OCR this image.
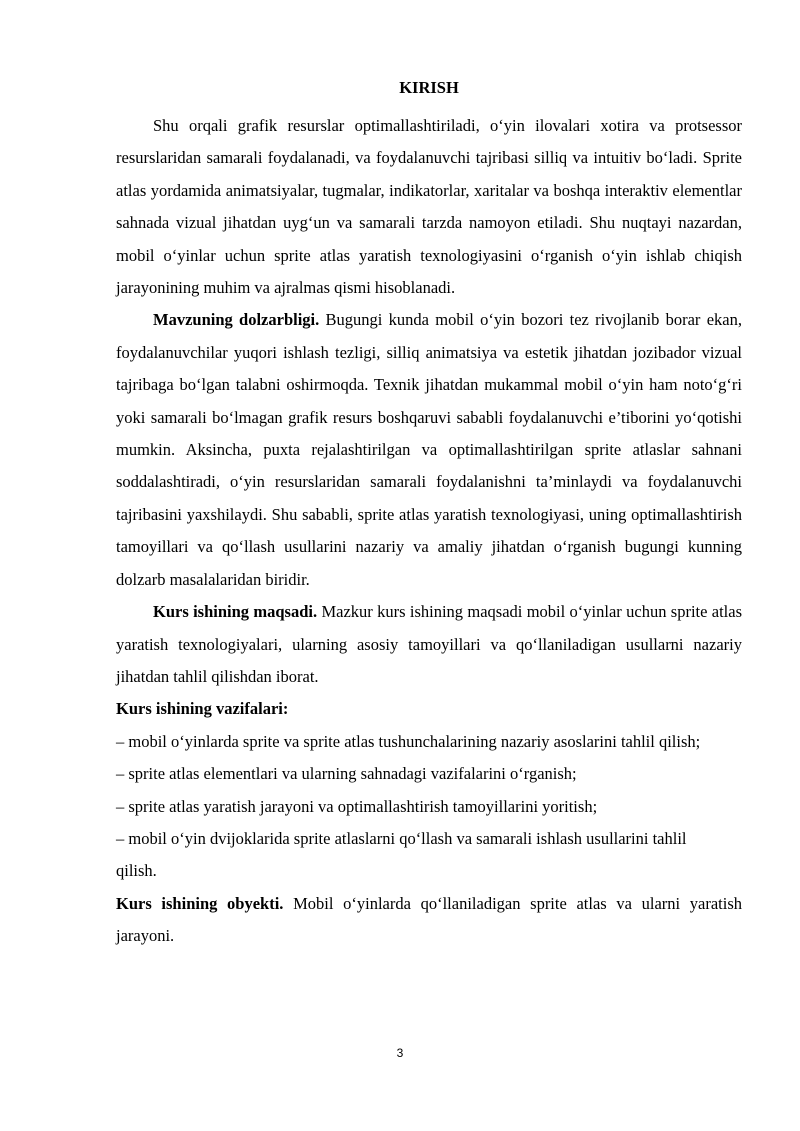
KIRISH

Shu orqali grafik resurslar optimallashtiriladi, o‘yin ilovalari xotira va protsessor resurslaridan samarali foydalanadi, va foydalanuvchi tajribasi silliq va intuitiv bo‘ladi. Sprite atlas yordamida animatsiyalar, tugmalar, indikatorlar, xaritalar va boshqa interaktiv elementlar sahnada vizual jihatdan uyg‘un va samarali tarzda namoyon etiladi. Shu nuqtayi nazardan, mobil o‘yinlar uchun sprite atlas yaratish texnologiyasini o‘rganish o‘yin ishlab chiqish jarayonining muhim va ajralmas qismi hisoblanadi.

Mavzuning dolzarbligi. Bugungi kunda mobil o‘yin bozori tez rivojlanib borar ekan, foydalanuvchilar yuqori ishlash tezligi, silliq animatsiya va estetik jihatdan jozibador vizual tajribaga bo‘lgan talabni oshirmoqda. Texnik jihatdan mukammal mobil o‘yin ham noto‘g‘ri yoki samarali bo‘lmagan grafik resurs boshqaruvi sababli foydalanuvchi e’tiborini yo‘qotishi mumkin. Aksincha, puxta rejalashtirilgan va optimallashtirilgan sprite atlaslar sahnani soddalashtiradi, o‘yin resurslaridan samarali foydalanishni ta’minlaydi va foydalanuvchi tajribasini yaxshilaydi. Shu sababli, sprite atlas yaratish texnologiyasi, uning optimallashtirish tamoyillari va qo‘llash usullarini nazariy va amaliy jihatdan o‘rganish bugungi kunning dolzarb masalalaridan biridir.

Kurs ishining maqsadi. Mazkur kurs ishining maqsadi mobil o‘yinlar uchun sprite atlas yaratish texnologiyalari, ularning asosiy tamoyillari va qo‘llaniladigan usullarni nazariy jihatdan tahlil qilishdan iborat.

Kurs ishining vazifalari:

– mobil o‘yinlarda sprite va sprite atlas tushunchalarining nazariy asoslarini tahlil qilish;

– sprite atlas elementlari va ularning sahnadagi vazifalarini o‘rganish;

– sprite atlas yaratish jarayoni va optimallashtirish tamoyillarini yoritish;

– mobil o‘yin dvijoklarida sprite atlaslarni qo‘llash va samarali ishlash usullarini tahlil qilish.

Kurs ishining obyekti. Mobil o‘yinlarda qo‘llaniladigan sprite atlas va ularni yaratish jarayoni.

3
